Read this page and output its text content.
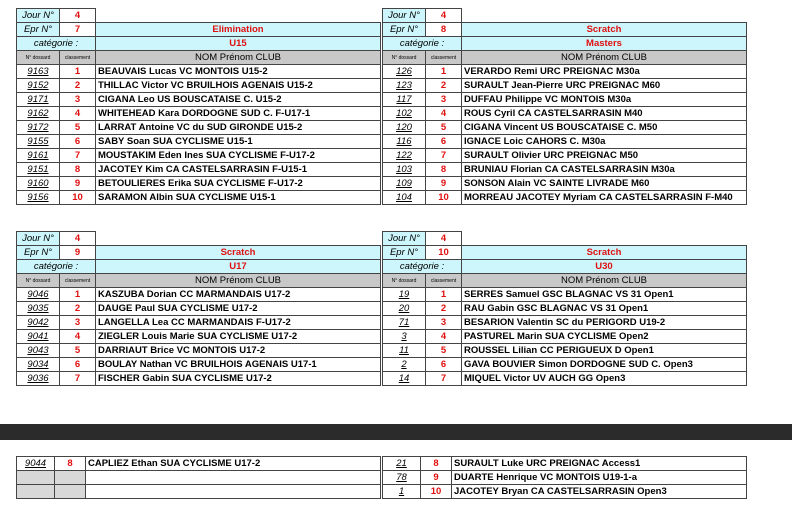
Jour N°	4	
Epr N°	7	Elimination
catégorie :		U15
N° dossard	classement	NOM Prénom CLUB
9163	1	BEAUVAIS Lucas VC MONTOIS U15-2
9152	2	THILLAC Victor VC BRUILHOIS AGENAIS U15-2
9171	3	CIGANA Leo US BOUSCATAISE C. U15-2
9162	4	WHITEHEAD Kara DORDOGNE SUD C. F-U17-1
9172	5	LARRAT Antoine VC du SUD GIRONDE U15-2
9155	6	SABY Soan SUA CYCLISME U15-1
9161	7	MOUSTAKIM Eden Ines SUA CYCLISME F-U17-2
9151	8	JACOTEY Kim CA CASTELSARRASIN F-U15-1
9160	9	BETOULIERES Erika SUA CYCLISME F-U17-2
9156	10	SARAMON Albin SUA CYCLISME U15-1
Jour N°	4	
Epr N°	8	Scratch
catégorie :		Masters
N° dossard	classement	NOM Prénom CLUB
126	1	VERARDO Remi URC PREIGNAC M30a
123	2	SURAULT Jean-Pierre URC PREIGNAC M60
117	3	DUFFAU Philippe VC MONTOIS M30a
102	4	ROUS Cyril CA CASTELSARRASIN M40
120	5	CIGANA Vincent US BOUSCATAISE C. M50
116	6	IGNACE Loic CAHORS C. M30a
122	7	SURAULT Olivier URC PREIGNAC M50
103	8	BRUNIAU Florian CA CASTELSARRASIN M30a
109	9	SONSON Alain VC SAINTE LIVRADE M60
104	10	MORREAU JACOTEY Myriam CA CASTELSARRASIN F-M40
Jour N°	4	
Epr N°	9	Scratch
catégorie :		U17
N° dossard	classement	NOM Prénom CLUB
9046	1	KASZUBA Dorian CC MARMANDAIS U17-2
9035	2	DAUGE Paul SUA CYCLISME U17-2
9042	3	LANGELLA Lea CC MARMANDAIS F-U17-2
9041	4	ZIEGLER Louis Marie SUA CYCLISME U17-2
9043	5	DARRIAUT Brice VC MONTOIS U17-2
9034	6	BOULAY Nathan VC BRUILHOIS AGENAIS U17-1
9036	7	FISCHER Gabin SUA CYCLISME U17-2
Jour N°	4	
Epr N°	10	Scratch
catégorie :		U30
N° dossard	classement	NOM Prénom CLUB
19	1	SERRES Samuel GSC BLAGNAC VS 31 Open1
20	2	RAU Gabin GSC BLAGNAC VS 31 Open1
71	3	BESARION Valentin SC du PERIGORD U19-2
3	4	PASTUREL Marin SUA CYCLISME Open2
11	5	ROUSSEL Lilian CC PERIGUEUX D Open1
2	6	GAVA BOUVIER Simon DORDOGNE SUD C. Open3
14	7	MIQUEL Victor UV AUCH GG Open3
9044	8	CAPLIEZ Ethan SUA CYCLISME U17-2

			21	8	SURAULT Luke URC PREIGNAC Access1
78	9	DUARTE Henrique VC MONTOIS U19-1-a
1	10	JACOTEY Bryan CA CASTELSARRASIN Open3
